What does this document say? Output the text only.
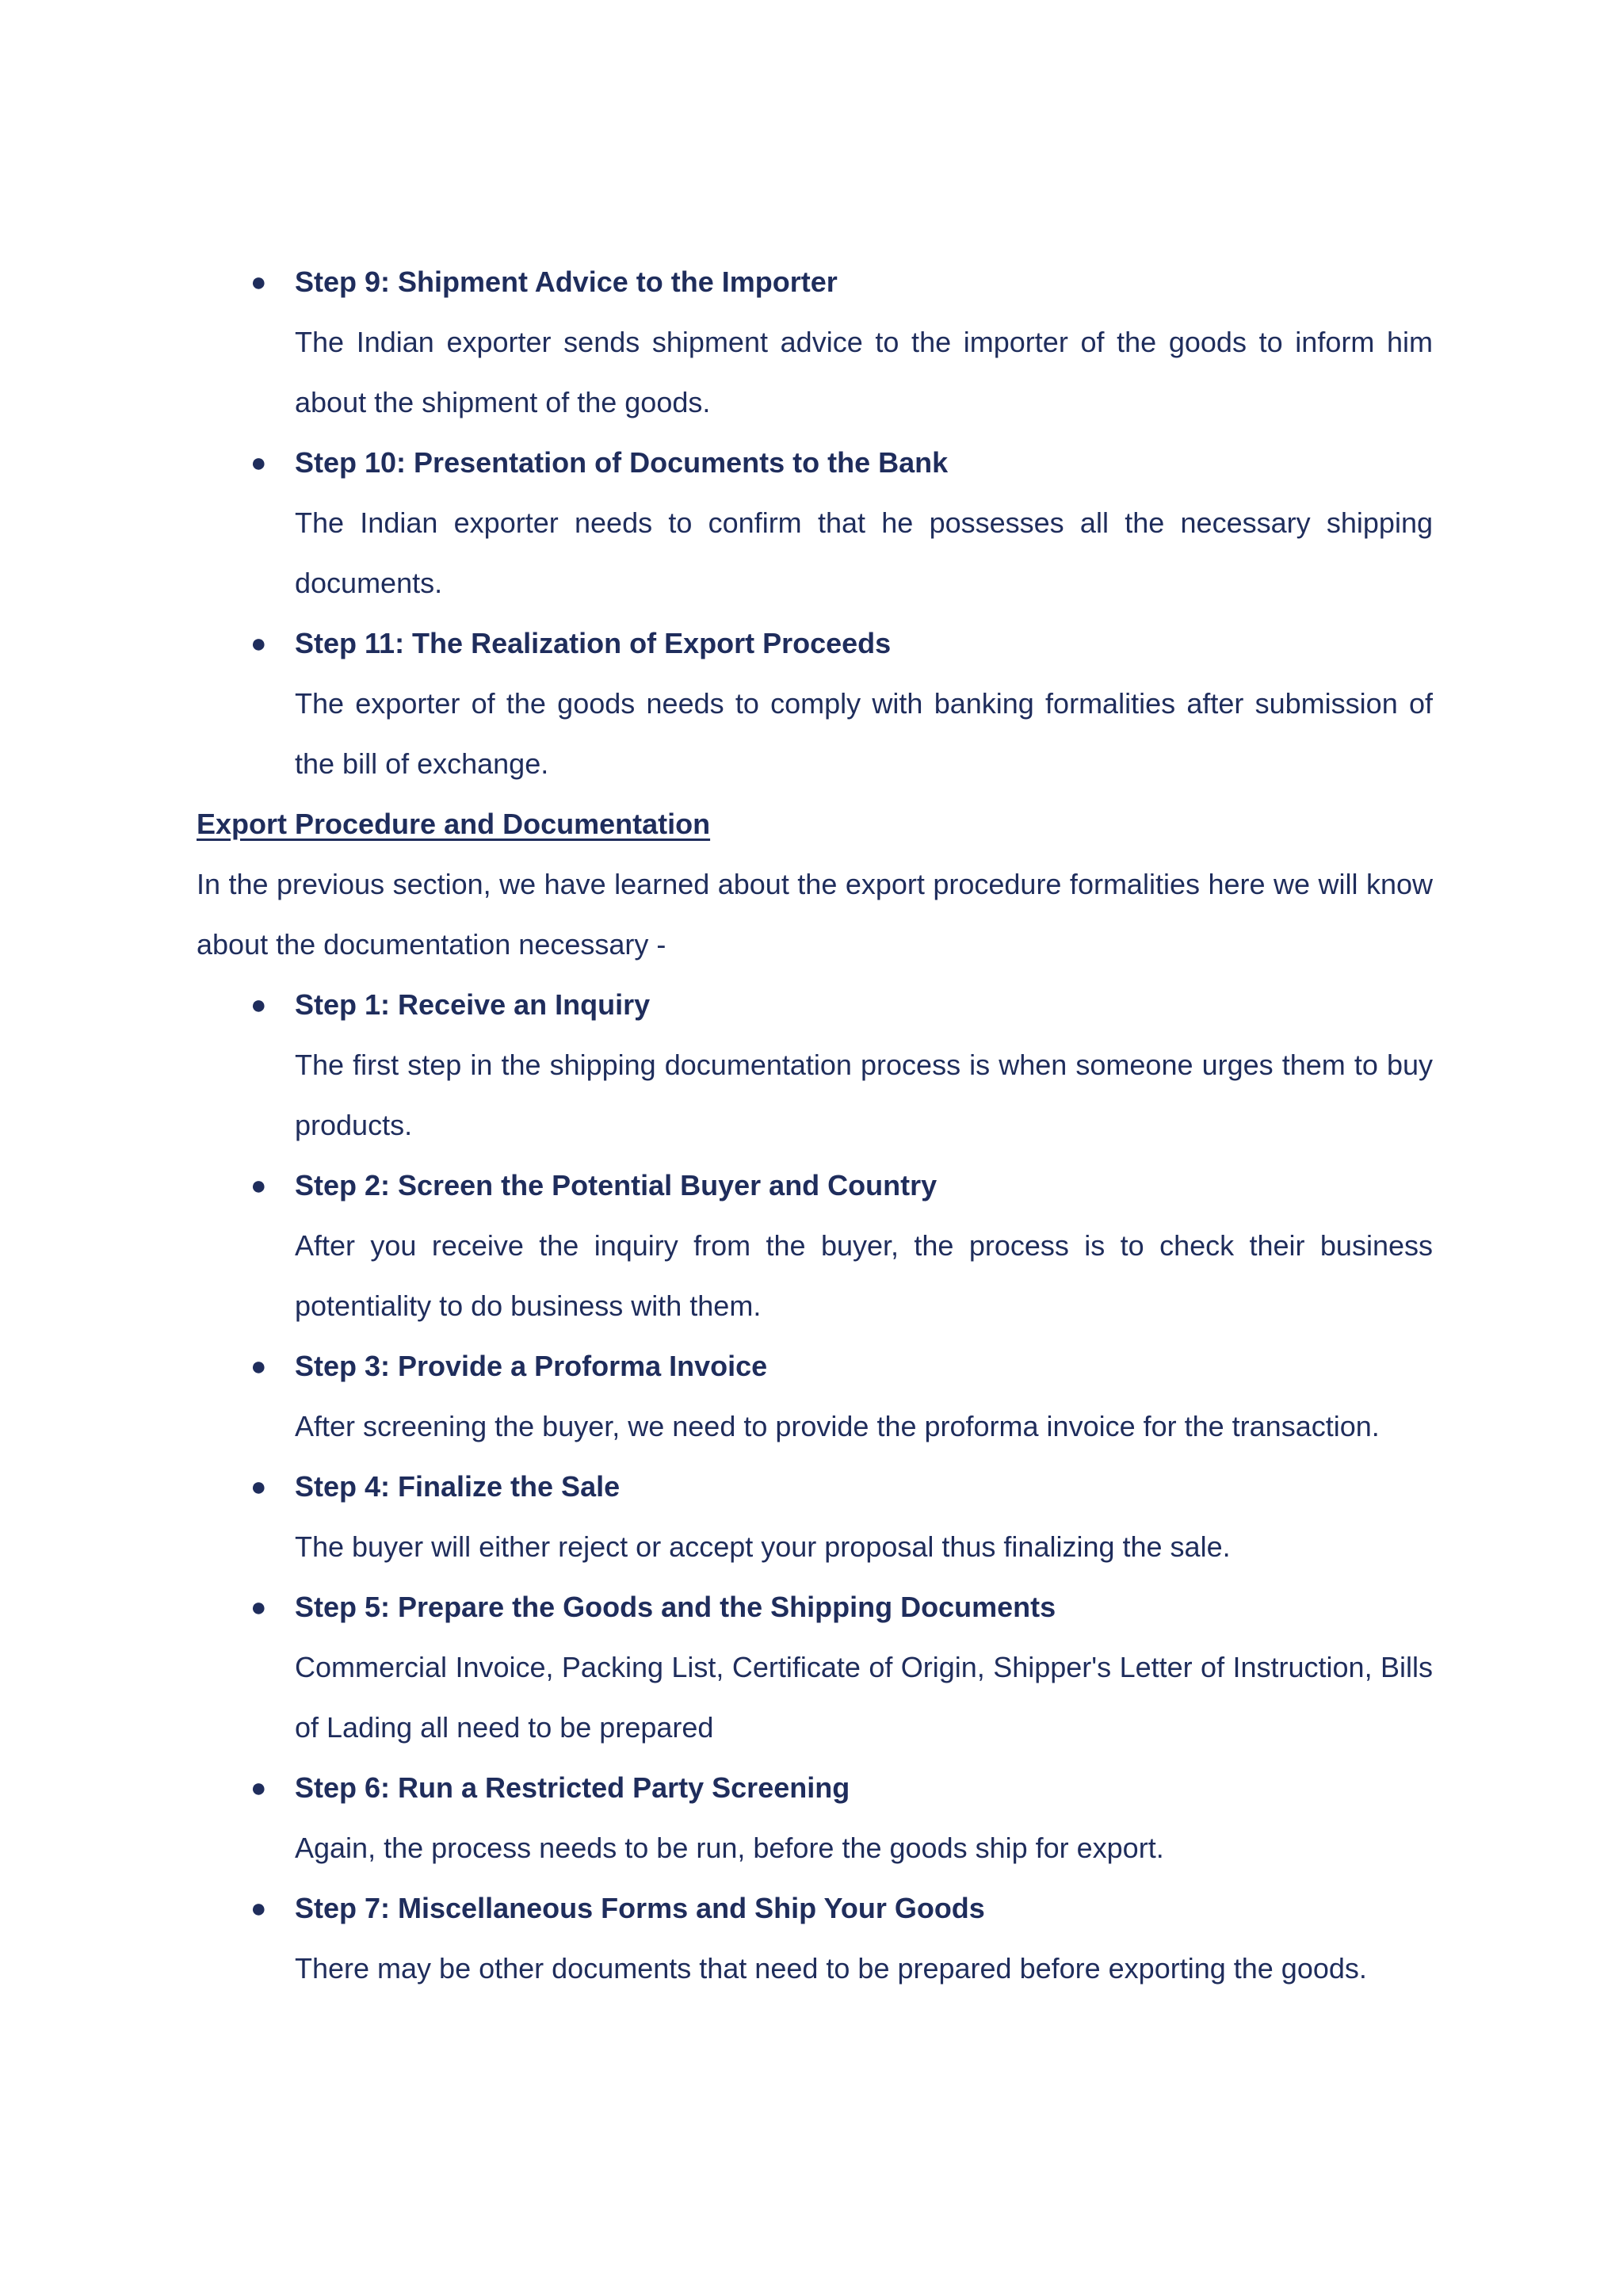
● Step 9: Shipment Advice to the Importer
The Indian exporter sends shipment advice to the importer of the goods to inform him about the shipment of the goods.
● Step 10: Presentation of Documents to the Bank
The Indian exporter needs to confirm that he possesses all the necessary shipping documents.
● Step 11: The Realization of Export Proceeds
The exporter of the goods needs to comply with banking formalities after submission of the bill of exchange.
Export Procedure and Documentation
In the previous section, we have learned about the export procedure formalities here we will know about the documentation necessary -
● Step 1: Receive an Inquiry
The first step in the shipping documentation process is when someone urges them to buy products.
● Step 2: Screen the Potential Buyer and Country
After you receive the inquiry from the buyer, the process is to check their business potentiality to do business with them.
● Step 3: Provide a Proforma Invoice
After screening the buyer, we need to provide the proforma invoice for the transaction.
● Step 4: Finalize the Sale
The buyer will either reject or accept your proposal thus finalizing the sale.
● Step 5: Prepare the Goods and the Shipping Documents
Commercial Invoice, Packing List, Certificate of Origin, Shipper's Letter of Instruction, Bills of Lading all need to be prepared
● Step 6: Run a Restricted Party Screening
Again, the process needs to be run, before the goods ship for export.
● Step 7: Miscellaneous Forms and Ship Your Goods
There may be other documents that need to be prepared before exporting the goods.
